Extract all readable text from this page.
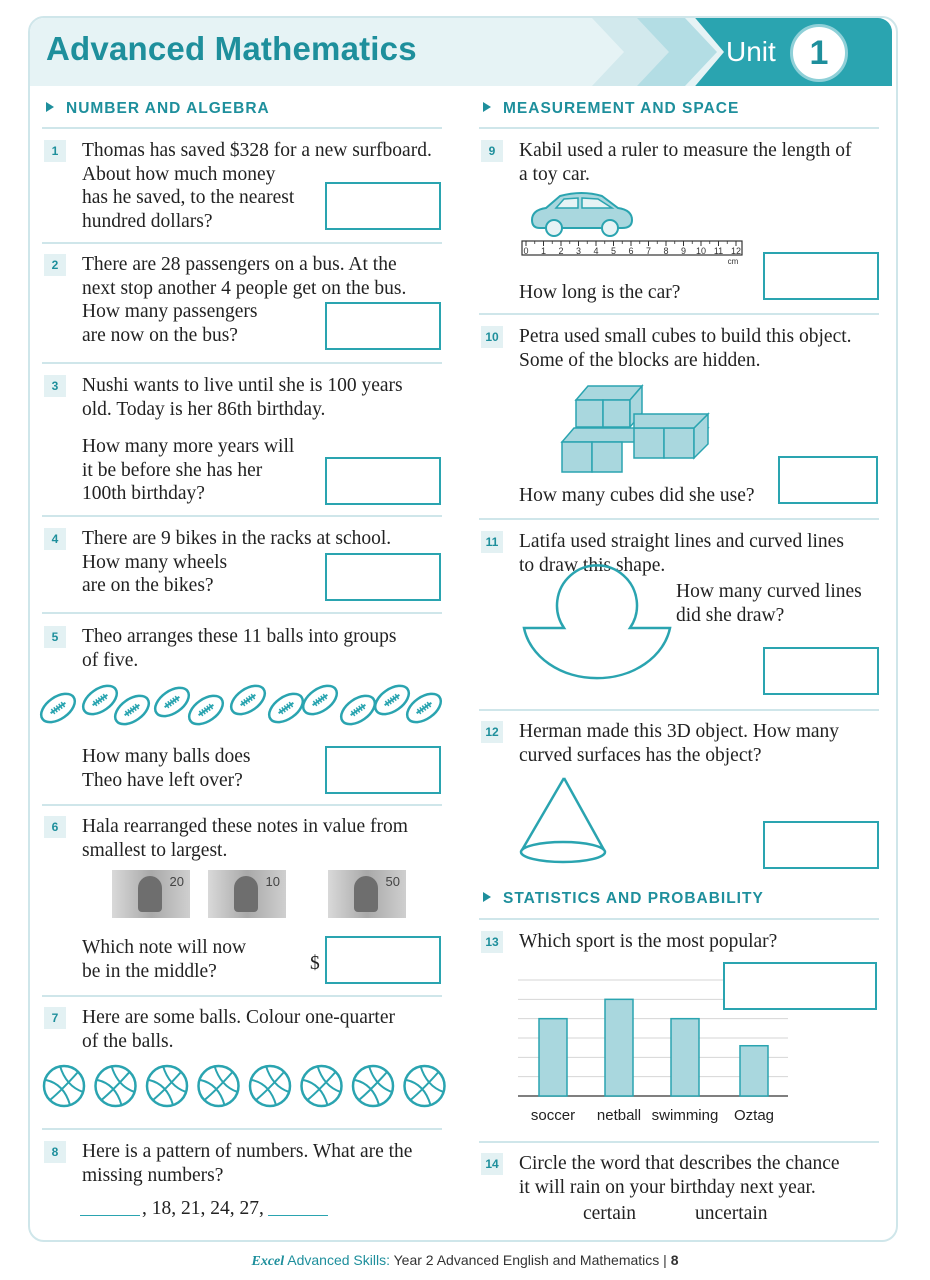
Advanced Mathematics	Unit 1
NUMBER AND ALGEBRA	MEASUREMENT AND SPACE
STATISTICS AND PROBABILITY
1	Thomas has saved $328 for a new surfboard.
About how much money
has he saved, to the nearest
hundred dollars?
2	There are 28 passengers on a bus. At the
next stop another 4 people get on the bus.
How many passengers
are now on the bus?
3	Nushi wants to live until she is 100 years
old. Today is her 86th birthday.
How many more years will
it be before she has her
100th birthday?
4	There are 9 bikes in the racks at school.
How many wheels
are on the bikes?
5	Theo arranges these 11 balls into groups
of five.
How many balls does
Theo have left over?
6	Hala rearranged these notes in value from
smallest to largest.
20	10	50
Which note will now
be in the middle?	$
7	Here are some balls. Colour one-quarter
of the balls.
8	Here is a pattern of numbers. What are the
missing numbers?
, 18, 21, 24, 27,
9	Kabil used a ruler to measure the length of
a toy car.
0 1 2 3 4 5 6 7 8 9 10 11 12
cm
How long is the car?
10 Petra used small cubes to build this object.
Some of the blocks are hidden.
How many cubes did she use?
11 Latifa used straight lines and curved lines
to draw this shape.
How many curved lines
did she draw?
12 Herman made this 3D object. How many
curved surfaces has the object?
13 Which sport is the most popular?
soccer netball swimming Oztag
14 Circle the word that describes the chance
it will rain on your birthday next year.
certain	uncertain
Excel Advanced Skills: Year 2 Advanced English and Mathematics | 8
